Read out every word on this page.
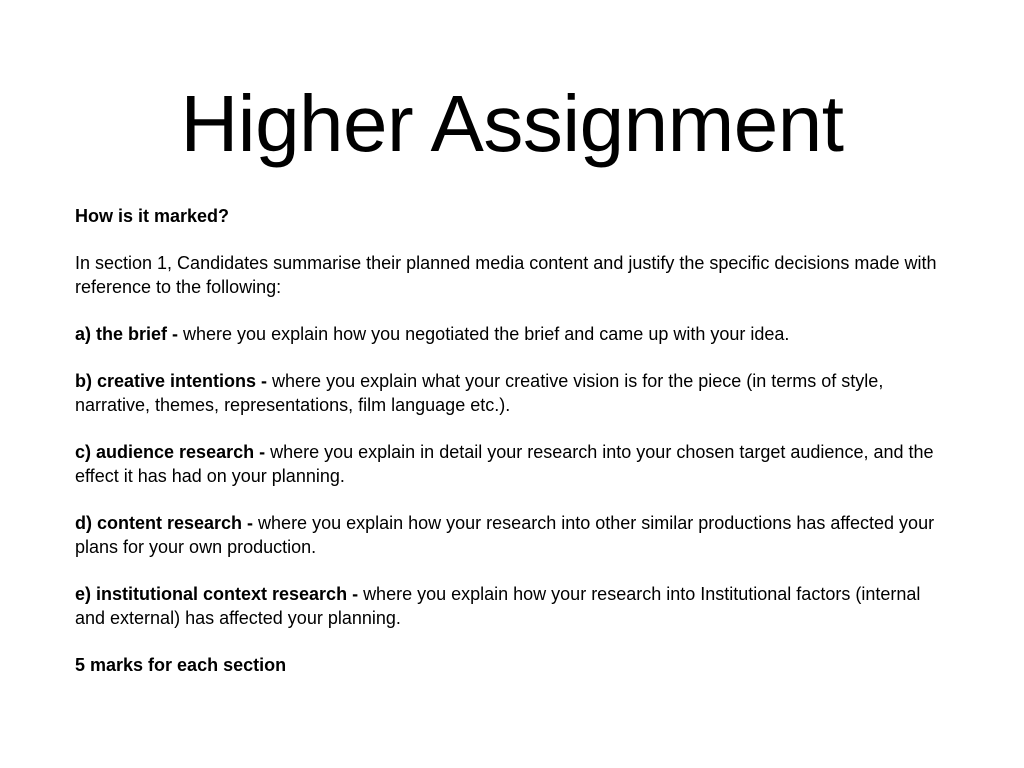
Higher Assignment

How is it marked?

In section 1, Candidates summarise their planned media content and justify the specific decisions made with reference to the following:

a) the brief - where you explain how you negotiated the brief and came up with your idea.

b) creative intentions - where you explain what your creative vision is for the piece (in terms of style, narrative, themes, representations, film language etc.).

c) audience research - where you explain in detail your research into your chosen target audience, and the effect it has had on your planning.

d) content research - where you explain how your research into other similar productions has affected your plans for your own production.

e) institutional context research - where you explain how your research into Institutional factors (internal and external) has affected your planning.

5 marks for each section
